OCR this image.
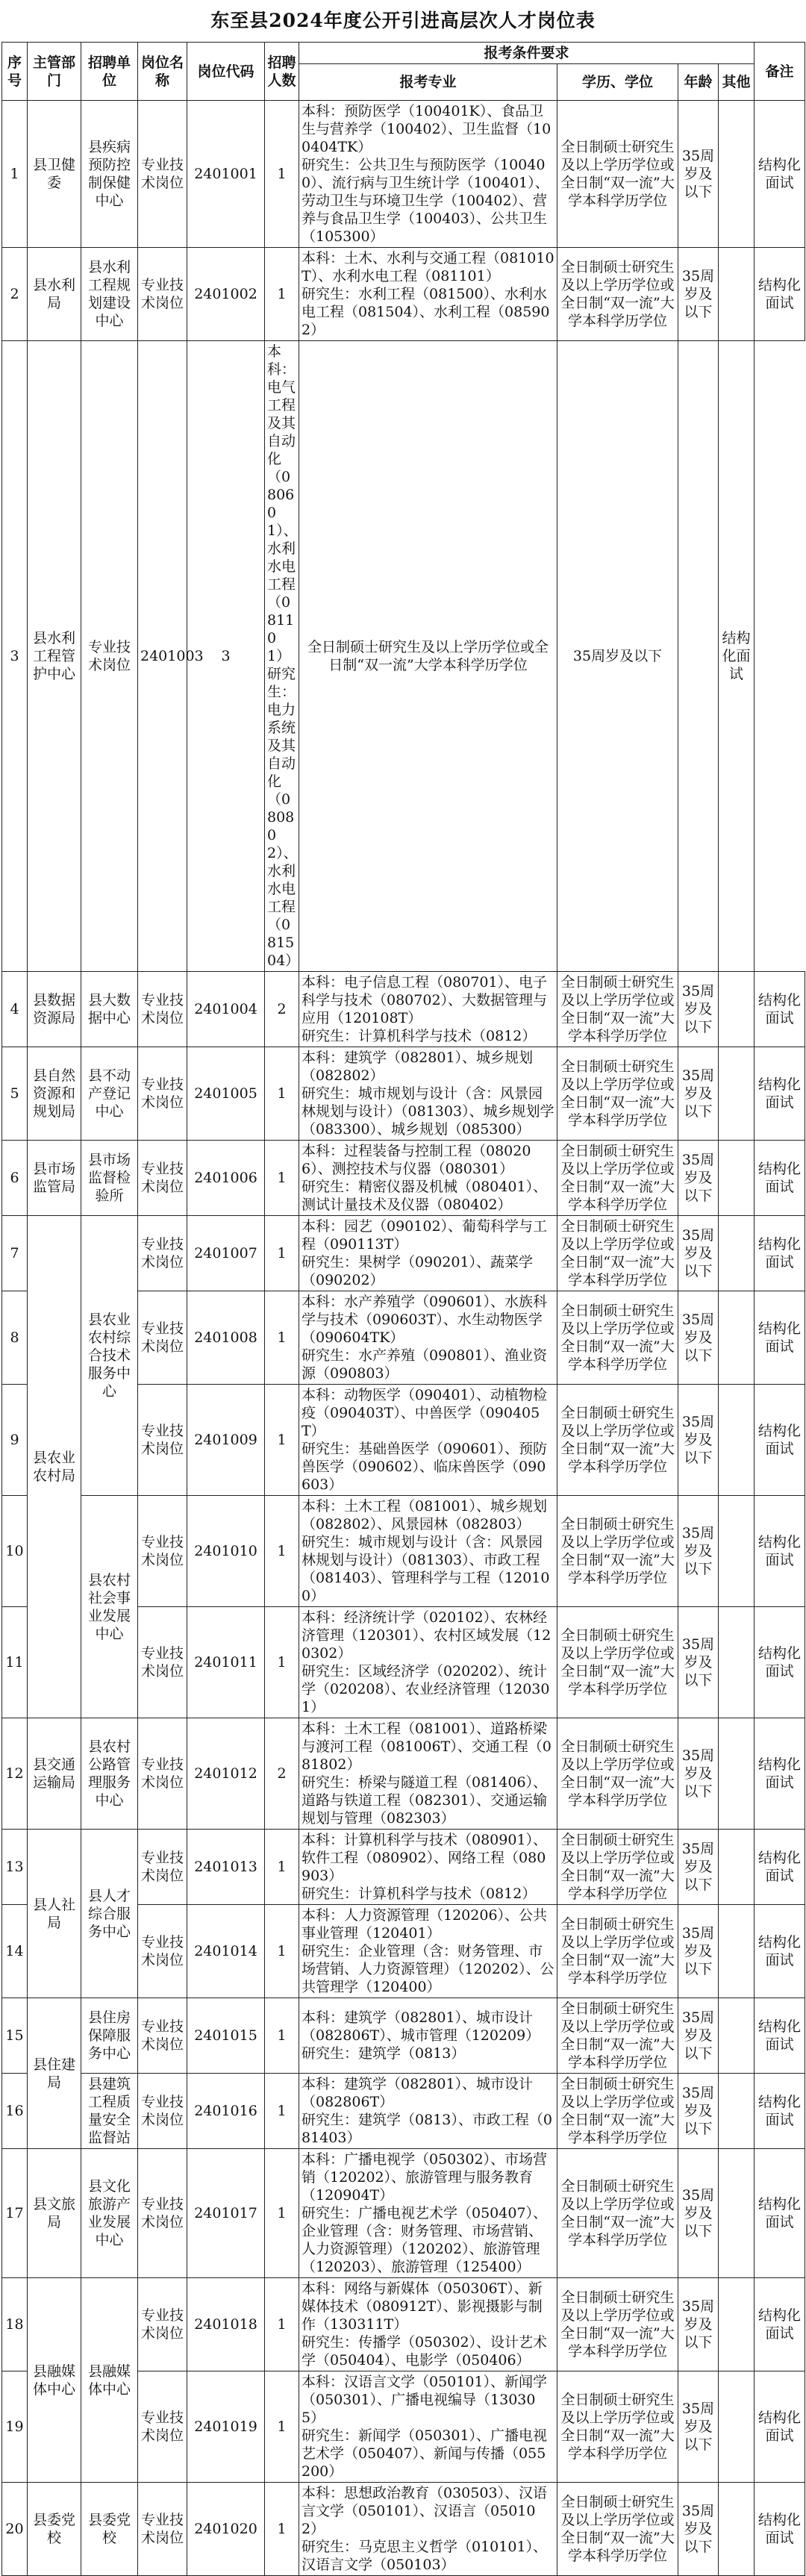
东至县2024年度公开引进高层次人才岗位表
序号	主管部门	招聘单位	岗位名称	岗位代码	招聘人数	报考条件要求				备注
						报考专业	学历、学位	年龄	其他	
1	县卫健委	县疾病预防控制保健中心	专业技术岗位	2401001	1	本科：预防医学（100401K）、食品卫生与营养学（100402）、卫生监督（100404TK）
研究生：公共卫生与预防医学（100400）、流行病与卫生统计学（100401）、劳动卫生与环境卫生学（100402）、营养与食品卫生学（100403）、公共卫生（105300）	全日制硕士研究生及以上学历学位或全日制“双一流”大学本科学历学位	35周岁及以下		结构化面试
2	县水利局	县水利工程规划建设中心	专业技术岗位	2401002	1	本科：土木、水利与交通工程（081010T）、水利水电工程（081101）
研究生：水利工程（081500）、水利水电工程（081504）、水利工程（085902）	全日制硕士研究生及以上学历学位或全日制“双一流”大学本科学历学位	35周岁及以下		结构化面试
3	县水利工程管护中心	专业技术岗位	2401003	3	本科：电气工程及其自动化（080601）、水利水电工程（081101）
研究生：电力系统及其自动化（080802）、水利水电工程（081504）	全日制硕士研究生及以上学历学位或全日制“双一流”大学本科学历学位	35周岁及以下		结构化面试	
4	县数据资源局	县大数据中心	专业技术岗位	2401004	2	本科：电子信息工程（080701）、电子科学与技术（080702）、大数据管理与应用（120108T）
研究生：计算机科学与技术（0812）	全日制硕士研究生及以上学历学位或全日制“双一流”大学本科学历学位	35周岁及以下		结构化面试
5	县自然资源和规划局	县不动产登记中心	专业技术岗位	2401005	1	本科：建筑学（082801）、城乡规划（082802）
研究生：城市规划与设计（含：风景园林规划与设计）（081303）、城乡规划学（083300）、城乡规划（085300）	全日制硕士研究生及以上学历学位或全日制“双一流”大学本科学历学位	35周岁及以下		结构化面试
6	县市场监管局	县市场监督检验所	专业技术岗位	2401006	1	本科：过程装备与控制工程（080206）、测控技术与仪器（080301）
研究生：精密仪器及机械（080401）、测试计量技术及仪器（080402）	全日制硕士研究生及以上学历学位或全日制“双一流”大学本科学历学位	35周岁及以下		结构化面试
7	县农业农村局	县农业农村综合技术服务中心	专业技术岗位	2401007	1	本科：园艺（090102）、葡萄科学与工程（090113T）
研究生：果树学（090201）、蔬菜学（090202）	全日制硕士研究生及以上学历学位或全日制“双一流”大学本科学历学位	35周岁及以下		结构化面试
8			专业技术岗位	2401008	1	本科：水产养殖学（090601）、水族科学与技术（090603T）、水生动物医学（090604TK）
研究生：水产养殖（090801）、渔业资源（090803）	全日制硕士研究生及以上学历学位或全日制“双一流”大学本科学历学位	35周岁及以下		结构化面试
9			专业技术岗位	2401009	1	本科：动物医学（090401）、动植物检疫（090403T）、中兽医学（090405T）
研究生：基础兽医学（090601）、预防兽医学（090602）、临床兽医学（090603）	全日制硕士研究生及以上学历学位或全日制“双一流”大学本科学历学位	35周岁及以下		结构化面试
10		县农村社会事业发展中心	专业技术岗位	2401010	1	本科：土木工程（081001）、城乡规划（082802）、风景园林（082803）
研究生：城市规划与设计（含：风景园林规划与设计）（081303）、市政工程（081403）、管理科学与工程（120100）	全日制硕士研究生及以上学历学位或全日制“双一流”大学本科学历学位	35周岁及以下		结构化面试
11			专业技术岗位	2401011	1	本科：经济统计学（020102）、农林经济管理（120301）、农村区域发展（120302）
研究生：区域经济学（020202）、统计学（020208）、农业经济管理（120301）	全日制硕士研究生及以上学历学位或全日制“双一流”大学本科学历学位	35周岁及以下		结构化面试
12	县交通运输局	县农村公路管理服务中心	专业技术岗位	2401012	2	本科：土木工程（081001）、道路桥梁与渡河工程（081006T）、交通工程（081802）
研究生：桥梁与隧道工程（081406）、道路与铁道工程（082301）、交通运输规划与管理（082303）	全日制硕士研究生及以上学历学位或全日制“双一流”大学本科学历学位	35周岁及以下		结构化面试
13	县人社局	县人才综合服务中心	专业技术岗位	2401013	1	本科：计算机科学与技术（080901）、软件工程（080902）、网络工程（080903）
研究生：计算机科学与技术（0812）	全日制硕士研究生及以上学历学位或全日制“双一流”大学本科学历学位	35周岁及以下		结构化面试
14			专业技术岗位	2401014	1	本科：人力资源管理（120206）、公共事业管理（120401）
研究生：企业管理（含：财务管理、市场营销、人力资源管理）（120202）、公共管理学（120400）	全日制硕士研究生及以上学历学位或全日制“双一流”大学本科学历学位	35周岁及以下		结构化面试
15	县住建局	县住房保障服务中心	专业技术岗位	2401015	1	本科：建筑学（082801）、城市设计（082806T）、城市管理（120209）
研究生：建筑学（0813）	全日制硕士研究生及以上学历学位或全日制“双一流”大学本科学历学位	35周岁及以下		结构化面试
16		县建筑工程质量安全监督站	专业技术岗位	2401016	1	本科：建筑学（082801）、城市设计（082806T）
研究生：建筑学（0813）、市政工程（081403）	全日制硕士研究生及以上学历学位或全日制“双一流”大学本科学历学位	35周岁及以下		结构化面试
17	县文旅局	县文化旅游产业发展中心	专业技术岗位	2401017	1	本科：广播电视学（050302）、市场营销（120202）、旅游管理与服务教育（120904T）
研究生：广播电视艺术学（050407）、企业管理（含：财务管理、市场营销、人力资源管理）（120202）、旅游管理（120203）、旅游管理（125400）	全日制硕士研究生及以上学历学位或全日制“双一流”大学本科学历学位	35周岁及以下		结构化面试
18	县融媒体中心	县融媒体中心	专业技术岗位	2401018	1	本科：网络与新媒体（050306T）、新媒体技术（080912T）、影视摄影与制作（130311T）
研究生：传播学（050302）、设计艺术学（050404）、电影学（050406）	全日制硕士研究生及以上学历学位或全日制“双一流”大学本科学历学位	35周岁及以下		结构化面试
19			专业技术岗位	2401019	1	本科：汉语言文学（050101）、新闻学（050301）、广播电视编导（130305）
研究生：新闻学（050301）、广播电视艺术学（050407）、新闻与传播（055200）	全日制硕士研究生及以上学历学位或全日制“双一流”大学本科学历学位	35周岁及以下		结构化面试
20	县委党校	县委党校	专业技术岗位	2401020	1	本科：思想政治教育（030503）、汉语言文学（050101）、汉语言（050102）
研究生：马克思主义哲学（010101）、汉语言文学（050103）	全日制硕士研究生及以上学历学位或全日制“双一流”大学本科学历学位	35周岁及以下		结构化面试
